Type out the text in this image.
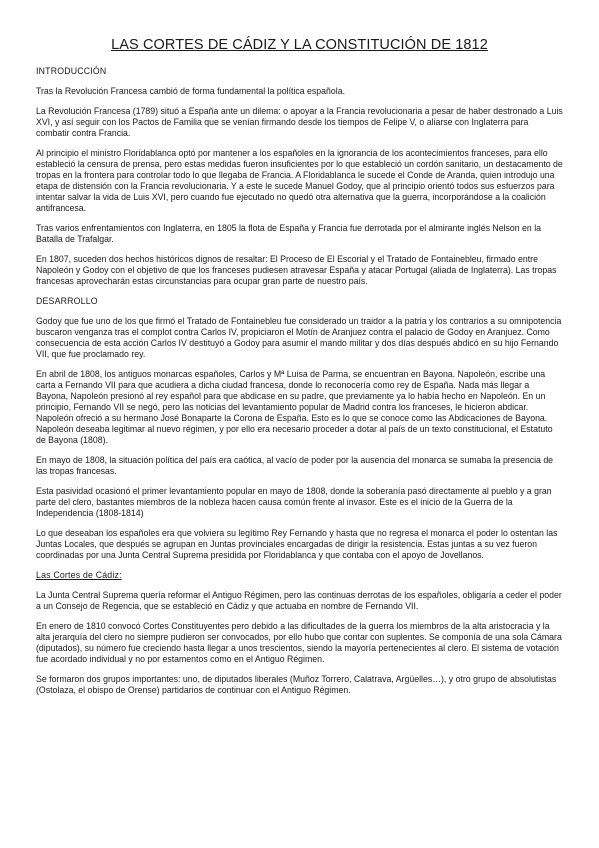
LAS CORTES DE CÁDIZ Y LA CONSTITUCIÓN DE 1812
INTRODUCCIÓN

Tras la Revolución Francesa cambió de forma fundamental la política española.

La Revolución Francesa (1789) situó a España ante un dilema: o apoyar a la Francia revolucionaria a pesar de haber destronado a Luis XVI, y así seguir con los Pactos de Familia que se venían firmando desde los tiempos de Felipe V, o aliarse con Inglaterra para combatir contra Francia.

Al principio el ministro Floridablanca optó por mantener a los españoles en la ignorancia de los acontecimientos franceses, para ello estableció la censura de prensa, pero estas medidas fueron insuficientes por lo que estableció un cordón sanitario, un destacamento de tropas en la frontera para controlar todo lo que llegaba de Francia. A Floridablanca le sucede el Conde de Aranda, quien introdujo una etapa de distensión con la Francia revolucionaria. Y a este le sucede Manuel Godoy, que al principio orientó todos sus esfuerzos para intentar salvar la vida de Luis XVI, pero cuando fue ejecutado no quedó otra alternativa que la guerra, incorporándose a la coalición antifrancesa.

Tras varios enfrentamientos con Inglaterra, en 1805 la flota de España y Francia fue derrotada por el almirante inglés Nelson en la Batalla de Trafalgar.

En 1807, suceden dos hechos históricos dignos de resaltar: El Proceso de El Escorial y el Tratado de Fontainebleu, firmado entre Napoleón y Godoy con el objetivo de que los franceses pudiesen atravesar España y atacar Portugal (aliada de Inglaterra). Las tropas francesas aprovecharán estas circunstancias para ocupar gran parte de nuestro país.

DESARROLLO

Godoy que fue uno de los que firmó el Tratado de Fontainebleu fue considerado un traidor a la patria y los contrarios a su omnipotencia buscaron venganza tras el complot contra Carlos IV, propiciaron el Motín de Aranjuez contra el palacio de Godoy en Aranjuez. Como consecuencia de esta acción Carlos IV destituyó a Godoy para asumir el mando militar y dos días después abdicó en su hijo Fernando VII, que fue proclamado rey.

En abril de 1808, los antiguos monarcas españoles, Carlos y Mª Luisa de Parma, se encuentran en Bayona. Napoleón, escribe una carta a Fernando VII para que acudiera a dicha ciudad francesa, donde lo reconocería como rey de España. Nada más llegar a Bayona, Napoleón presionó al rey español para que abdicase en su padre, que previamente ya lo había hecho en Napoleón. En un principio, Fernando VII se negó, pero las noticias del levantamiento popular de Madrid contra los franceses, le hicieron abdicar. Napoleón ofreció a su hermano José Bonaparte la Corona de España. Esto es lo que se conoce como las Abdicaciones de Bayona. Napoleón deseaba legitimar al nuevo régimen, y por ello era necesario proceder a dotar al país de un texto constitucional, el Estatuto de Bayona (1808).

En mayo de 1808, la situación política del país era caótica, al vacío de poder por la ausencia del monarca se sumaba la presencia de las tropas francesas.

Esta pasividad ocasionó el primer levantamiento popular en mayo de 1808, donde la soberanía pasó directamente al pueblo y a gran parte del clero, bastantes miembros de la nobleza hacen causa común frente al invasor. Este es el inicio de la Guerra de la Independencia (1808-1814)

Lo que deseaban los españoles era que volviera su legítimo Rey Fernando y hasta que no regresa el monarca el poder lo ostentan las Juntas Locales, que después se agrupan en Juntas provinciales encargadas de dirigir la resistencia. Estas juntas a su vez fueron coordinadas por una Junta Central Suprema presidida por Floridablanca y que contaba con el apoyo de Jovellanos.

Las Cortes de Cádiz:

La Junta Central Suprema quería reformar el Antiguo Régimen, pero las continuas derrotas de los españoles, obligaría a ceder el poder a un Consejo de Regencia, que se estableció en Cádiz y que actuaba en nombre de Fernando VII.

En enero de 1810 convocó Cortes Constituyentes pero debido a las dificultades de la guerra los miembros de la alta aristocracia y la alta jerarquía del clero no siempre pudieron ser convocados, por ello hubo que contar con suplentes. Se componía de una sola Cámara (diputados), su número fue creciendo hasta llegar a unos trescientos, siendo la mayoría pertenecientes al clero. El sistema de votación fue acordado individual y no por estamentos como en el Antiguo Régimen.

Se formaron dos grupos importantes: uno, de diputados liberales (Muñoz Torrero, Calatrava, Argüelles…), y otro grupo de absolutistas (Ostolaza, el obispo de Orense) partidarios de continuar con el Antiguo Régimen.
